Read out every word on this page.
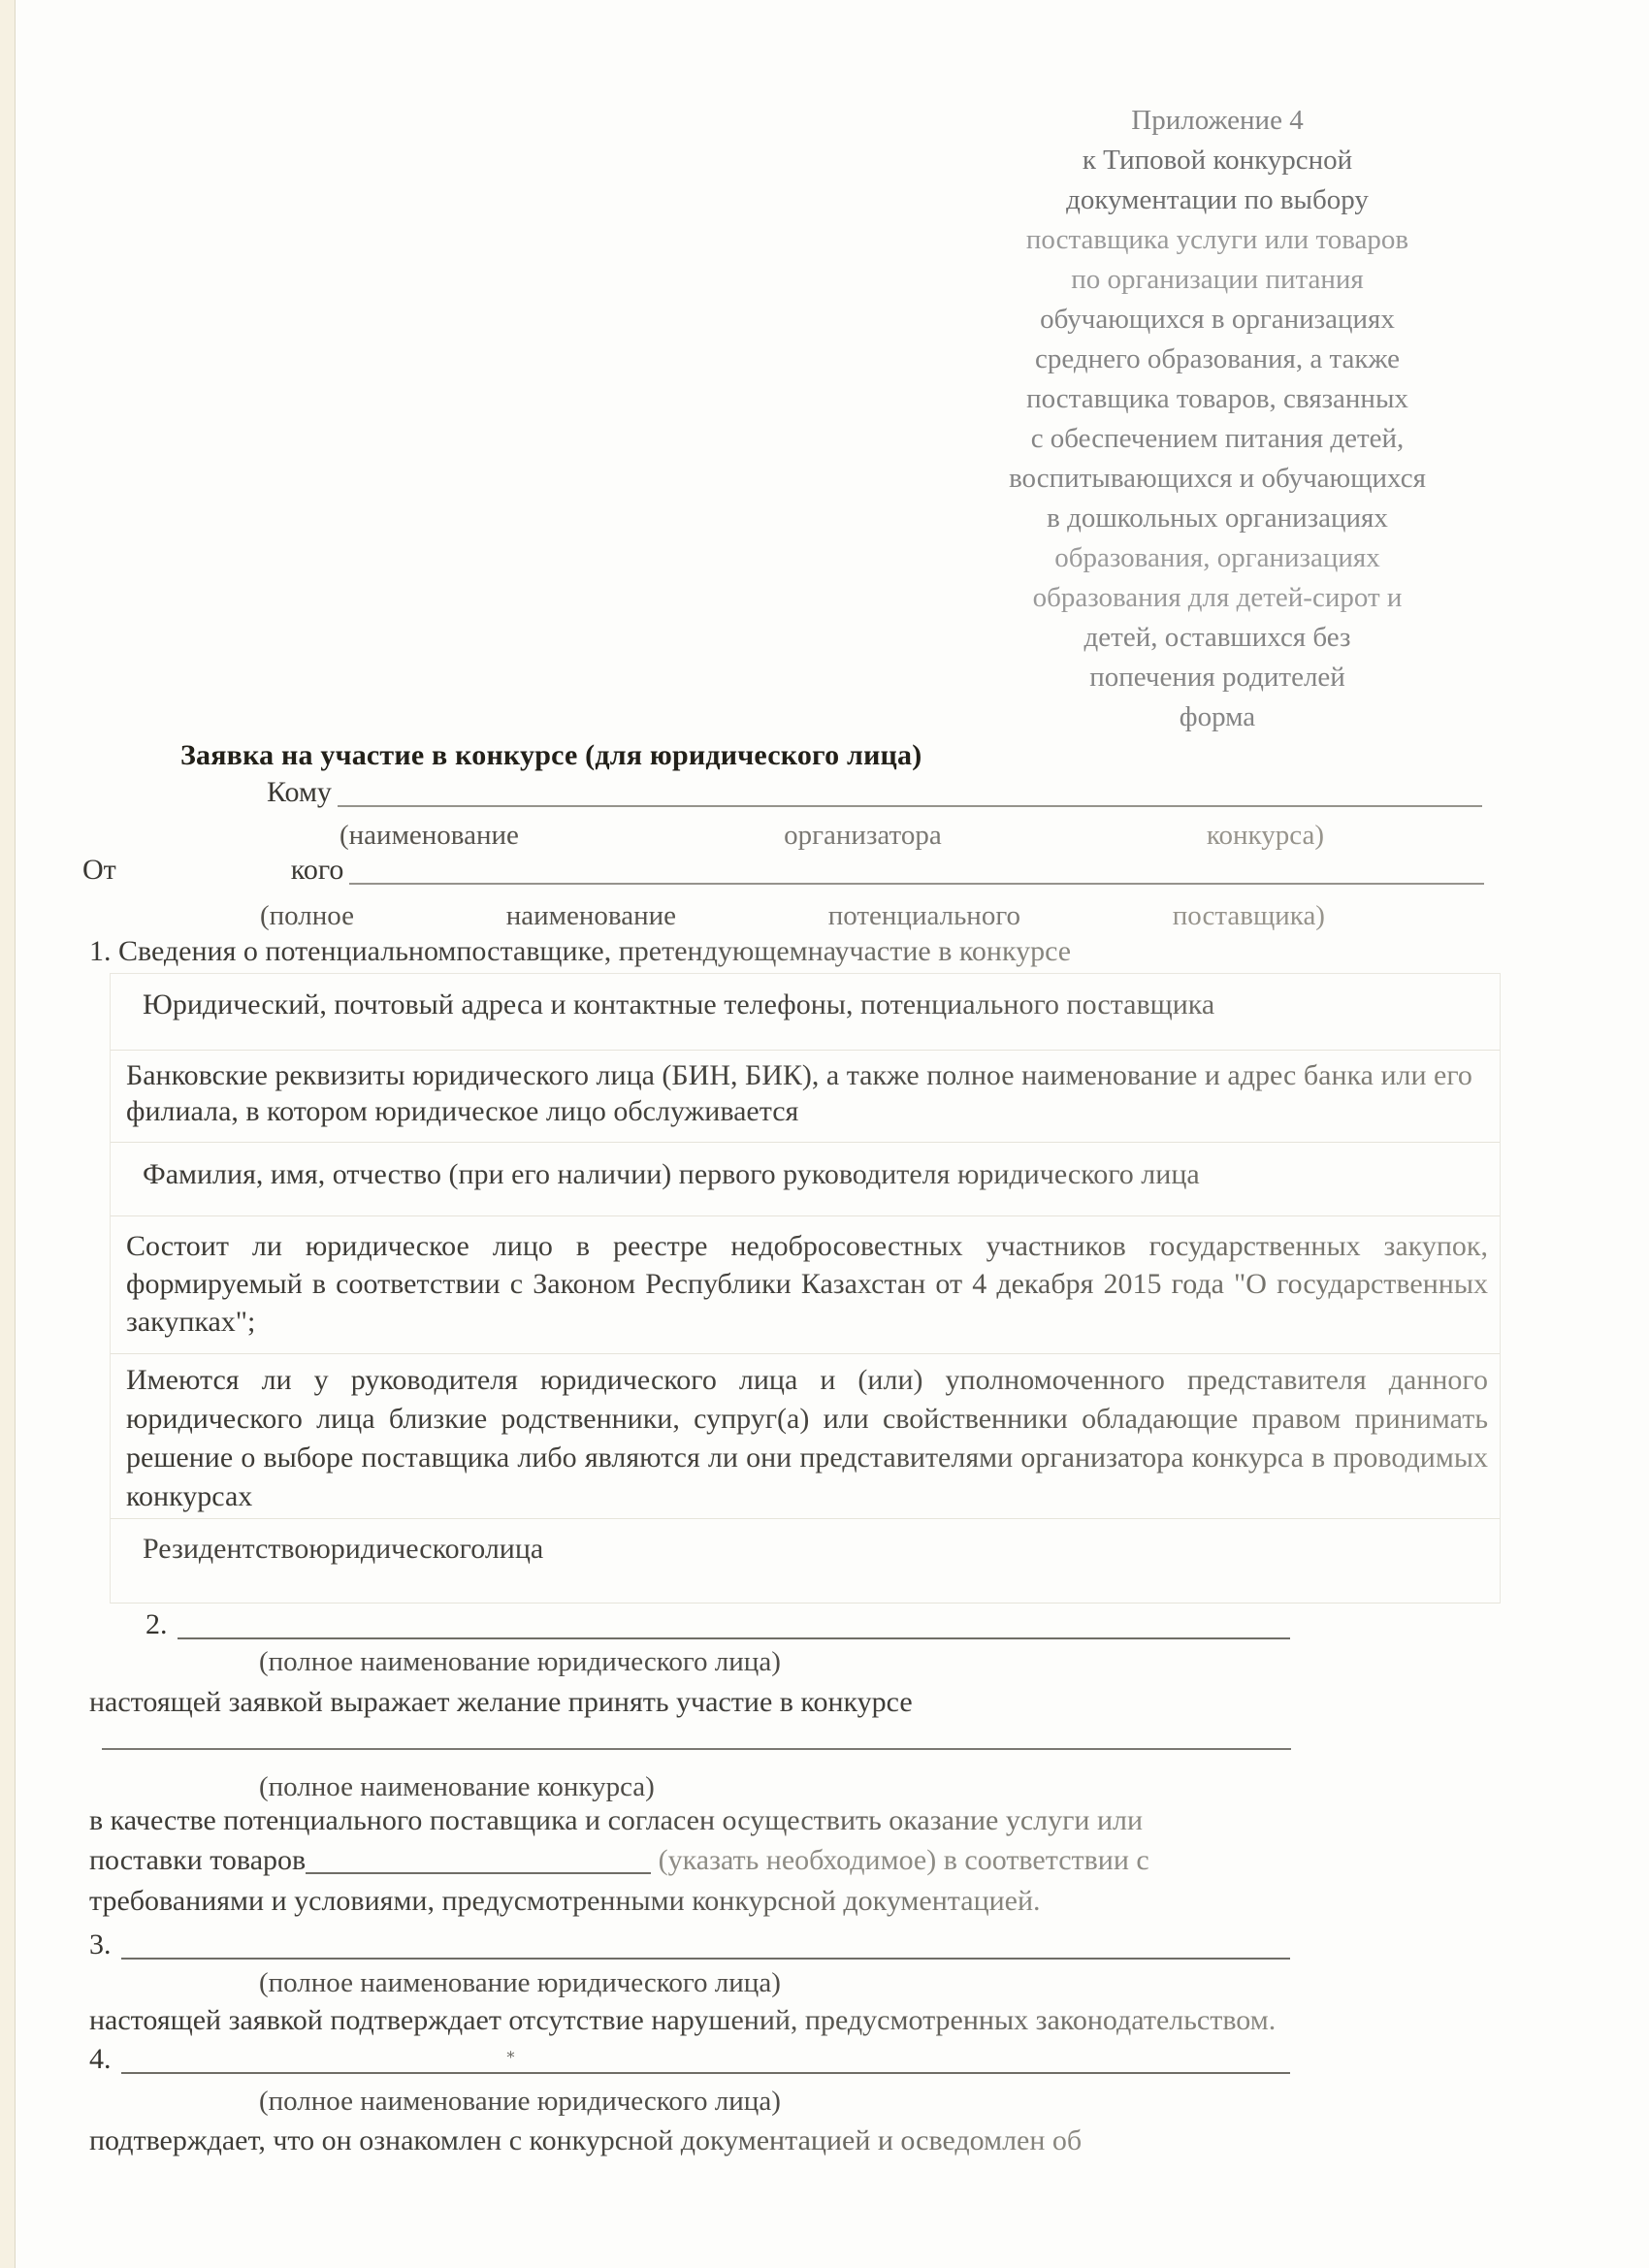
Приложение 4
к Типовой конкурсной
документации по выбору
поставщика услуги или товаров
по организации питания
обучающихся в организациях
среднего образования, а также
поставщика товаров, связанных
с обеспечением питания детей,
воспитывающихся и обучающихся
в дошкольных организациях
образования, организациях
образования для детей-сирот и
детей, оставшихся без
попечения родителей
форма
Заявка на участие в конкурсе (для юридического лица)
Кому
(наименование	организатора	конкурса)
От	кого
(полное	наименование	потенциального	поставщика)
1. Сведения о потенциальномпоставщике, претендующемнаучастие в конкурсе
Юридический, почтовый адреса и контактные телефоны, потенциального поставщика
Банковские реквизиты юридического лица (БИН, БИК), а также полное наименование и адрес банка или его филиала, в котором юридическое лицо обслуживается
Фамилия, имя, отчество (при его наличии) первого руководителя юридического лица
Состоит ли юридическое лицо в реестре недобросовестных участников государственных закупок, формируемый в соответствии с Законом Республики Казахстан от 4 декабря 2015 года "О государственных закупках";
Имеются ли у руководителя юридического лица и (или) уполномоченного представителя данного юридического лица близкие родственники, супруг(а) или свойственники обладающие правом принимать решение о выборе поставщика либо являются ли они представителями организатора конкурса в проводимых конкурсах
Резидентствоюридическоголица
2.
(полное наименование юридического лица)
настоящей заявкой выражает желание принять участие в конкурсе
(полное наименование конкурса)
в качестве потенциального поставщика и согласен осуществить оказание услуги или
поставки товаров	(указать необходимое) в соответствии с
требованиями и условиями, предусмотренными конкурсной документацией.
3.
(полное наименование юридического лица)
настоящей заявкой подтверждает отсутствие нарушений, предусмотренных законодательством.
4.	∗
(полное наименование юридического лица)
подтверждает, что он ознакомлен с конкурсной документацией и осведомлен об
